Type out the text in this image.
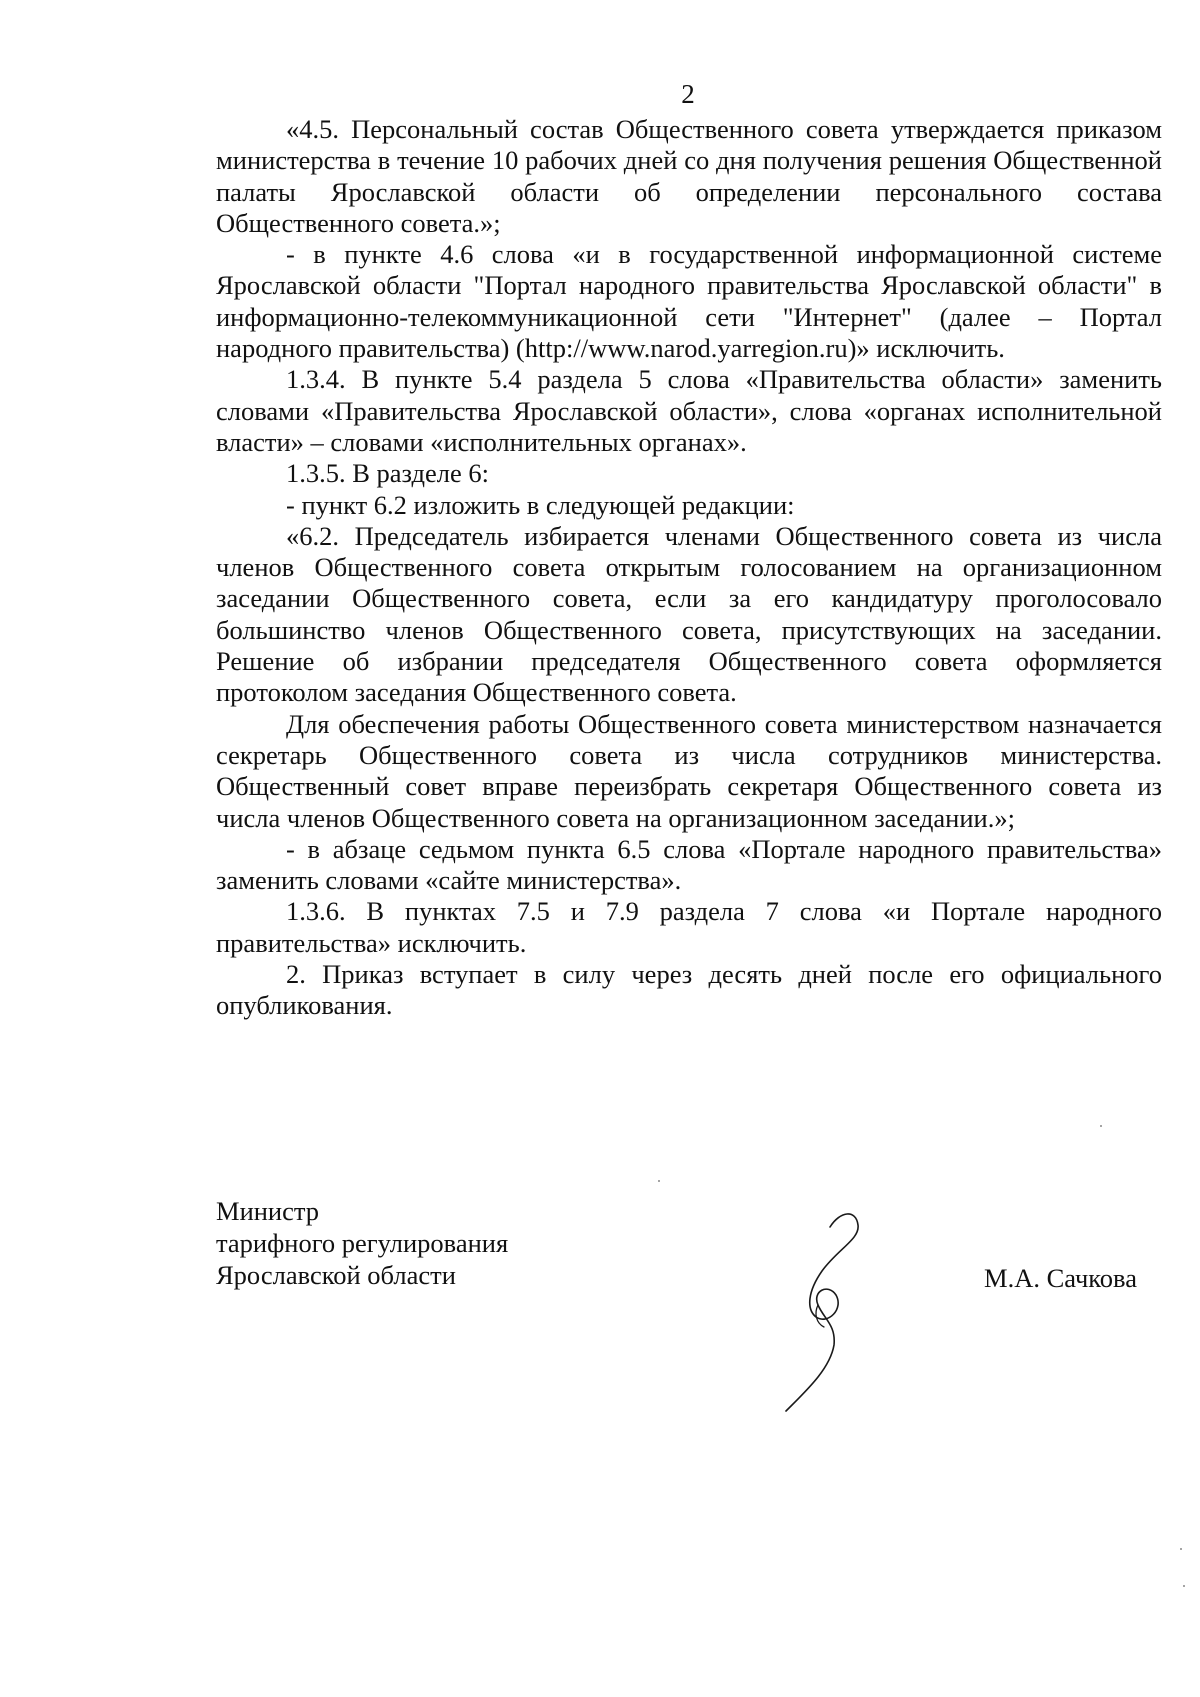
2

«4.5. Персональный состав Общественного совета утверждается приказом министерства в течение 10 рабочих дней со дня получения решения Общественной палаты Ярославской области об определении персонального состава Общественного совета.»;

- в пункте 4.6 слова «и в государственной информационной системе Ярославской области "Портал народного правительства Ярославской области" в информационно-телекоммуникационной сети "Интернет" (далее – Портал народного правительства) (http://www.narod.yarregion.ru)» исключить.

1.3.4. В пункте 5.4 раздела 5 слова «Правительства области» заменить словами «Правительства Ярославской области», слова «органах исполнительной власти» – словами «исполнительных органах».

1.3.5. В разделе 6:

- пункт 6.2 изложить в следующей редакции:

«6.2. Председатель избирается членами Общественного совета из числа членов Общественного совета открытым голосованием на организационном заседании Общественного совета, если за его кандидатуру проголосовало большинство членов Общественного совета, присутствующих на заседании. Решение об избрании председателя Общественного совета оформляется протоколом заседания Общественного совета.

Для обеспечения работы Общественного совета министерством назначается секретарь Общественного совета из числа сотрудников министерства. Общественный совет вправе переизбрать секретаря Общественного совета из числа членов Общественного совета на организационном заседании.»;

- в абзаце седьмом пункта 6.5 слова «Портале народного правительства» заменить словами «сайте министерства».

1.3.6. В пунктах 7.5 и 7.9 раздела 7 слова «и Портале народного правительства» исключить.

2. Приказ вступает в силу через десять дней после его официального опубликования.

Министр
тарифного регулирования
Ярославской области	М.А. Сачкова
